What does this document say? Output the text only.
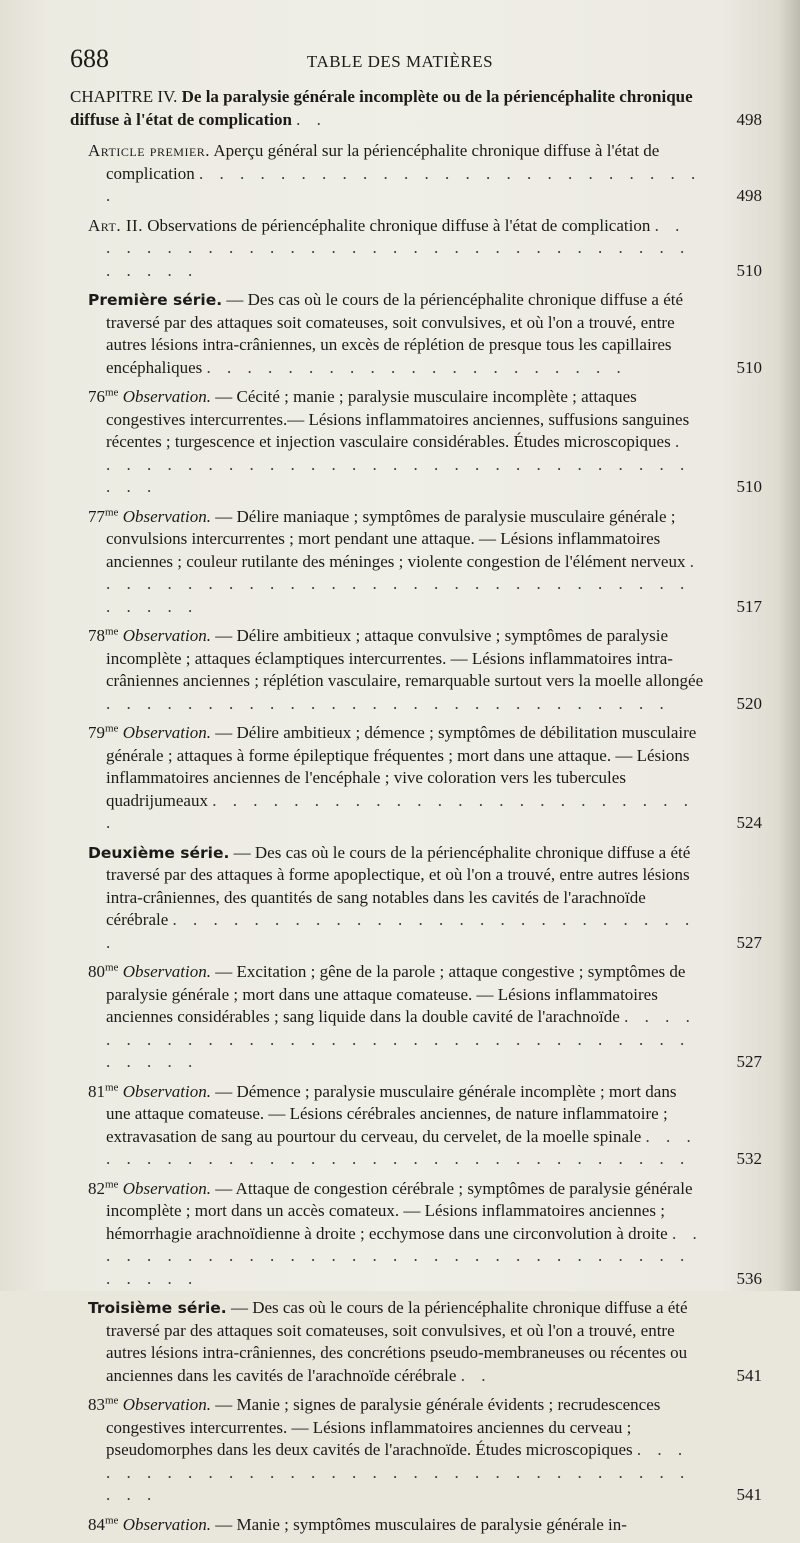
688	TABLE DES MATIÈRES
CHAPITRE IV. De la paralysie générale incomplète ou de la périencéphalite chronique diffuse à l'état de complication . .	498
Article premier. Aperçu général sur la périencéphalite chronique diffuse à l'état de complication . . . . . . . . . . . . . . . . . . . . . . . . . .	498
Art. II. Observations de périencéphalite chronique diffuse à l'état de complication . . . . . . . . . . . . . . . . . . . . . . . . . . . . . . . . . . . .	510
Première série. — Des cas où le cours de la périencéphalite chronique diffuse a été traversé par des attaques soit comateuses, soit convulsives, et où l'on a trouvé, entre autres lésions intra-crâniennes, un excès de réplétion de presque tous les capillaires encéphaliques . . . . . . . . . . . . . . . . . . . . .	510
$76^{me}$ Observation. — Cécité ; manie ; paralysie musculaire incomplète ; attaques congestives intercurrentes.— Lésions inflammatoires anciennes, suffusions sanguines récentes ; turgescence et injection vasculaire considérables. Études microscopiques . . . . . . . . . . . . . . . . . . . . . . . . . . . . . . . . .	510
$77^{me}$ Observation. — Délire maniaque ; symptômes de paralysie musculaire générale ; convulsions intercurrentes ; mort pendant une attaque. — Lésions inflammatoires anciennes ; couleur rutilante des méninges ; violente congestion de l'élément nerveux . . . . . . . . . . . . . . . . . . . . . . . . . . . . . . . . . . .	517
$78^{me}$ Observation. — Délire ambitieux ; attaque convulsive ; symptômes de paralysie incomplète ; attaques éclamptiques intercurrentes. — Lésions inflammatoires intra-crâniennes anciennes ; réplétion vasculaire, remarquable surtout vers la moelle allongée . . . . . . . . . . . . . . . . . . . . . . . . . . . .	520
$79^{me}$ Observation. — Délire ambitieux ; démence ; symptômes de débilitation musculaire générale ; attaques à forme épileptique fréquentes ; mort dans une attaque. — Lésions inflammatoires anciennes de l'encéphale ; vive coloration vers les tubercules quadrijumeaux . . . . . . . . . . . . . . . . . . . . . . . . .	524
Deuxième série. — Des cas où le cours de la périencéphalite chronique diffuse a été traversé par des attaques à forme apoplectique, et où l'on a trouvé, entre autres lésions intra-crâniennes, des quantités de sang notables dans les cavités de l'arachnoïde cérébrale . . . . . . . . . . . . . . . . . . . . . . . . . . .	527
$80^{me}$ Observation. — Excitation ; gêne de la parole ; attaque congestive ; symptômes de paralysie générale ; mort dans une attaque comateuse. — Lésions inflammatoires anciennes considérables ; sang liquide dans la double cavité de l'arachnoïde . . . . . . . . . . . . . . . . . . . . . . . . . . . . . . . . . . . . . .	527
$81^{me}$ Observation. — Démence ; paralysie musculaire générale incomplète ; mort dans une attaque comateuse. — Lésions cérébrales anciennes, de nature inflammatoire ; extravasation de sang au pourtour du cerveau, du cervelet, de la moelle spinale . . . . . . . . . . . . . . . . . . . . . . . . . . . . . . . .	532
$82^{me}$ Observation. — Attaque de congestion cérébrale ; symptômes de paralysie générale incomplète ; mort dans un accès comateux. — Lésions inflammatoires anciennes ; hémorrhagie arachnoïdienne à droite ; ecchymose dans une circonvolution à droite . . . . . . . . . . . . . . . . . . . . . . . . . . . . . . . . . . . .	536
Troisième série. — Des cas où le cours de la périencéphalite chronique diffuse a été traversé par des attaques soit comateuses, soit convulsives, et où l'on a trouvé, entre autres lésions intra-crâniennes, des concrétions pseudo-membraneuses ou récentes ou anciennes dans les cavités de l'arachnoïde cérébrale . .	541
$83^{me}$ Observation. — Manie ; signes de paralysie générale évidents ; recrudescences congestives intercurrentes. — Lésions inflammatoires anciennes du cerveau ; pseudomorphes dans les deux cavités de l'arachnoïde. Études microscopiques . . . . . . . . . . . . . . . . . . . . . . . . . . . . . . . . . . .	541
$84^{me}$ Observation. — Manie ; symptômes musculaires de paralysie générale in-
